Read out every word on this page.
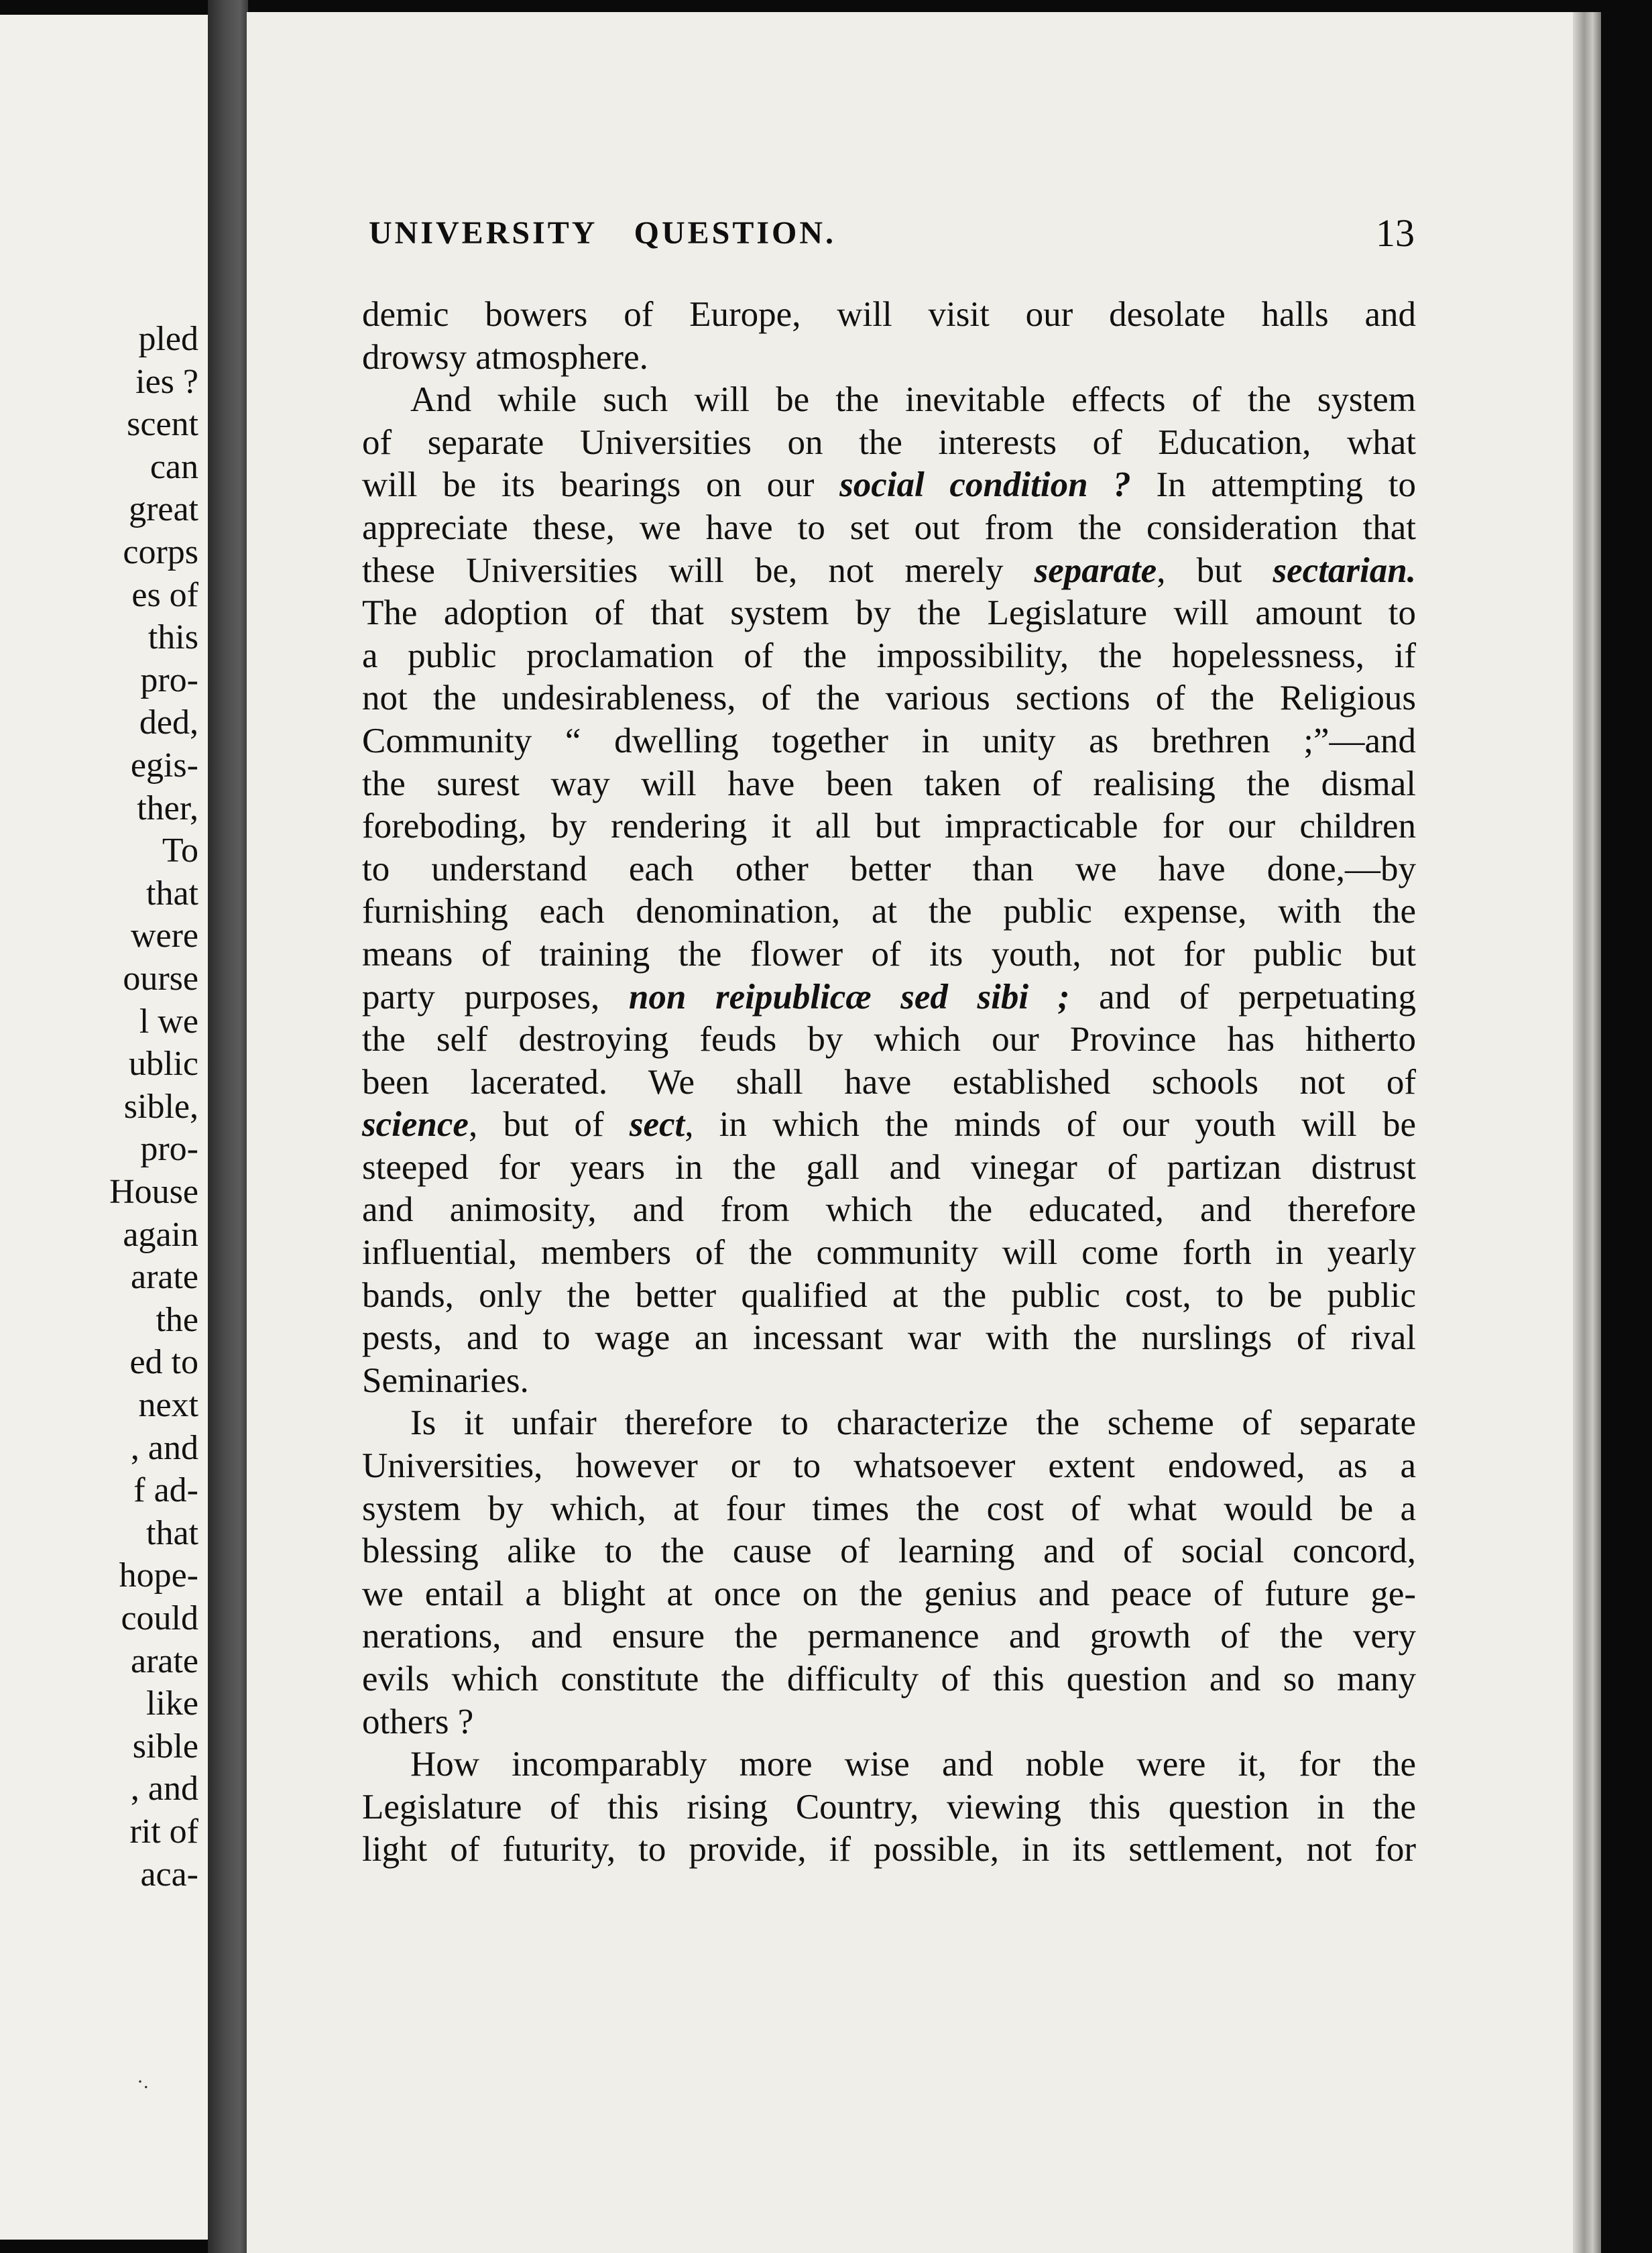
pled
ies ?
scent
can
great
corps
es of
this
pro-
ded,
egis-
ther,
To
that
were
ourse
l we
ublic
sible,
pro-
House
again
arate
the
ed to
next
, and
f ad-
that
hope-
could
arate
like
sible
, and
rit of
aca-
UNIVERSITY QUESTION.	13
demic bowers of Europe, will visit our desolate halls and
drowsy atmosphere.
And while such will be the inevitable effects of the system
of separate Universities on the interests of Education, what
will be its bearings on our social condition ? In attempting to
appreciate these, we have to set out from the consideration that
these Universities will be, not merely separate, but sectarian.
The adoption of that system by the Legislature will amount to
a public proclamation of the impossibility, the hopelessness, if
not the undesirableness, of the various sections of the Religious
Community “ dwelling together in unity as brethren ;”—and
the surest way will have been taken of realising the dismal
foreboding, by rendering it all but impracticable for our children
to understand each other better than we have done,—by
furnishing each denomination, at the public expense, with the
means of training the flower of its youth, not for public but
party purposes, non reipublicæ sed sibi ; and of perpetuating
the self destroying feuds by which our Province has hitherto
been lacerated. We shall have established schools not of
science, but of sect, in which the minds of our youth will be
steeped for years in the gall and vinegar of partizan distrust
and animosity, and from which the educated, and therefore
influential, members of the community will come forth in yearly
bands, only the better qualified at the public cost, to be public
pests, and to wage an incessant war with the nurslings of rival
Seminaries.
Is it unfair therefore to characterize the scheme of separate
Universities, however or to whatsoever extent endowed, as a
system by which, at four times the cost of what would be a
blessing alike to the cause of learning and of social concord,
we entail a blight at once on the genius and peace of future ge-
nerations, and ensure the permanence and growth of the very
evils which constitute the difficulty of this question and so many
others ?
How incomparably more wise and noble were it, for the
Legislature of this rising Country, viewing this question in the
light of futurity, to provide, if possible, in its settlement, not for
·.
